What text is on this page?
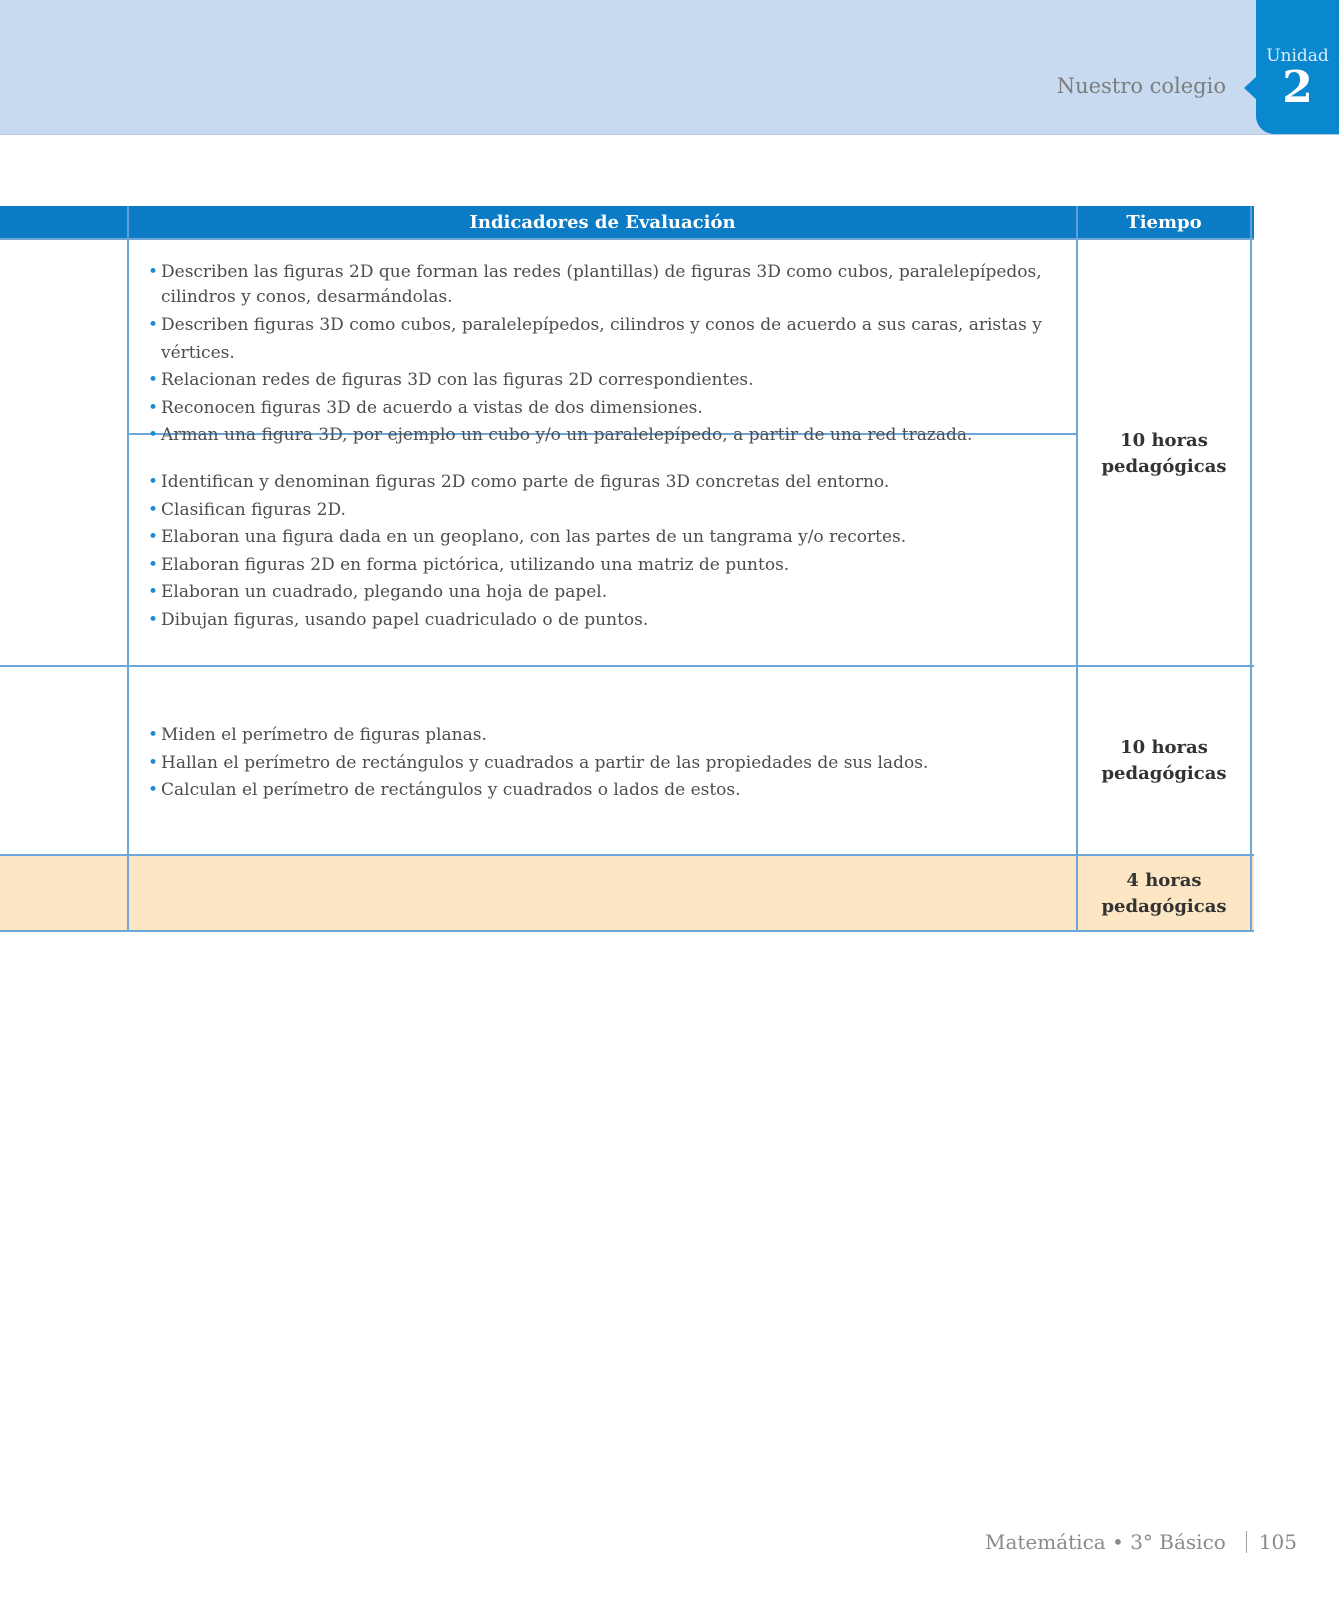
Nuestro colegio
Unidad
2
Indicadores de Evaluación	Tiempo
• Describen las figuras 2D que forman las redes (plantillas) de figuras 3D como cubos, paralelepípedos, cilindros y conos, desarmándolas.
• Describen figuras 3D como cubos, paralelepípedos, cilindros y conos de acuerdo a sus caras, aristas y vértices.
• Relacionan redes de figuras 3D con las figuras 2D correspondientes.
• Reconocen figuras 3D de acuerdo a vistas de dos dimensiones.
• Arman una figura 3D, por ejemplo un cubo y/o un paralelepípedo, a partir de una red trazada.
• Identifican y denominan figuras 2D como parte de figuras 3D concretas del entorno.
• Clasifican figuras 2D.
• Elaboran una figura dada en un geoplano, con las partes de un tangrama y/o recortes.
• Elaboran figuras 2D en forma pictórica, utilizando una matriz de puntos.
• Elaboran un cuadrado, plegando una hoja de papel.
• Dibujan figuras, usando papel cuadriculado o de puntos.
10 horas
pedagógicas
• Miden el perímetro de figuras planas.
• Hallan el perímetro de rectángulos y cuadrados a partir de las propiedades de sus lados.
• Calculan el perímetro de rectángulos y cuadrados o lados de estos.
10 horas
pedagógicas
4 horas
pedagógicas
Matemática • 3° Básico 105
